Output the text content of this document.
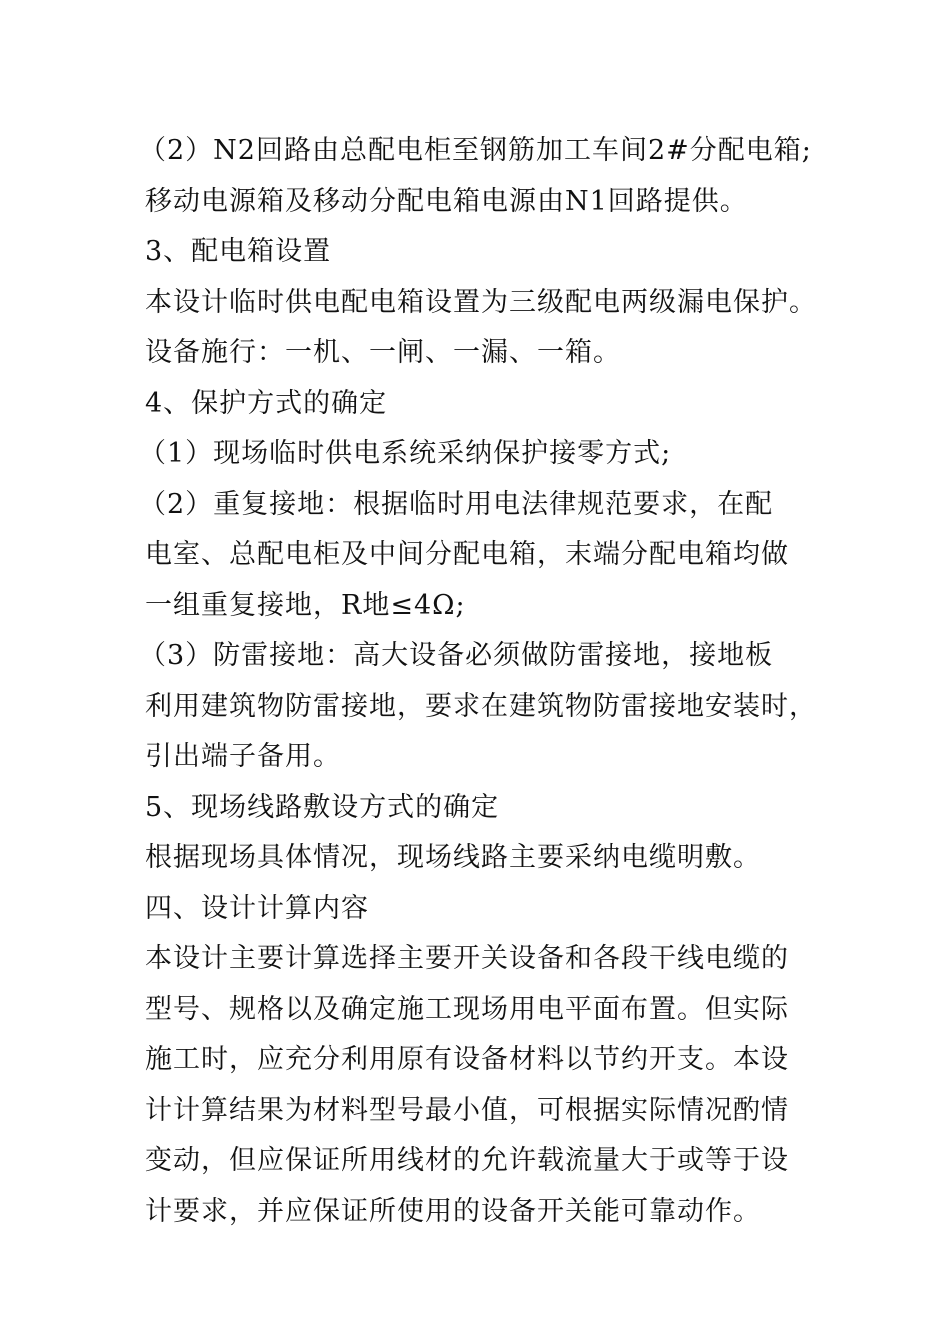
（2）N2回路由总配电柜至钢筋加工车间2#分配电箱;

移动电源箱及移动分配电箱电源由N1回路提供。

3、配电箱设置

本设计临时供电配电箱设置为三级配电两级漏电保护。

设备施行：一机、一闸、一漏、一箱。

4、保护方式的确定

（1）现场临时供电系统采纳保护接零方式;

（2）重复接地：根据临时用电法律规范要求，在配

电室、总配电柜及中间分配电箱，末端分配电箱均做

一组重复接地，R地≤4Ω;

（3）防雷接地：高大设备必须做防雷接地，接地板

利用建筑物防雷接地，要求在建筑物防雷接地安装时，

引出端子备用。

5、现场线路敷设方式的确定

根据现场具体情况，现场线路主要采纳电缆明敷。

四、设计计算内容

本设计主要计算选择主要开关设备和各段干线电缆的

型号、规格以及确定施工现场用电平面布置。但实际

施工时，应充分利用原有设备材料以节约开支。本设

计计算结果为材料型号最小值，可根据实际情况酌情

变动，但应保证所用线材的允许载流量大于或等于设

计要求，并应保证所使用的设备开关能可靠动作。
